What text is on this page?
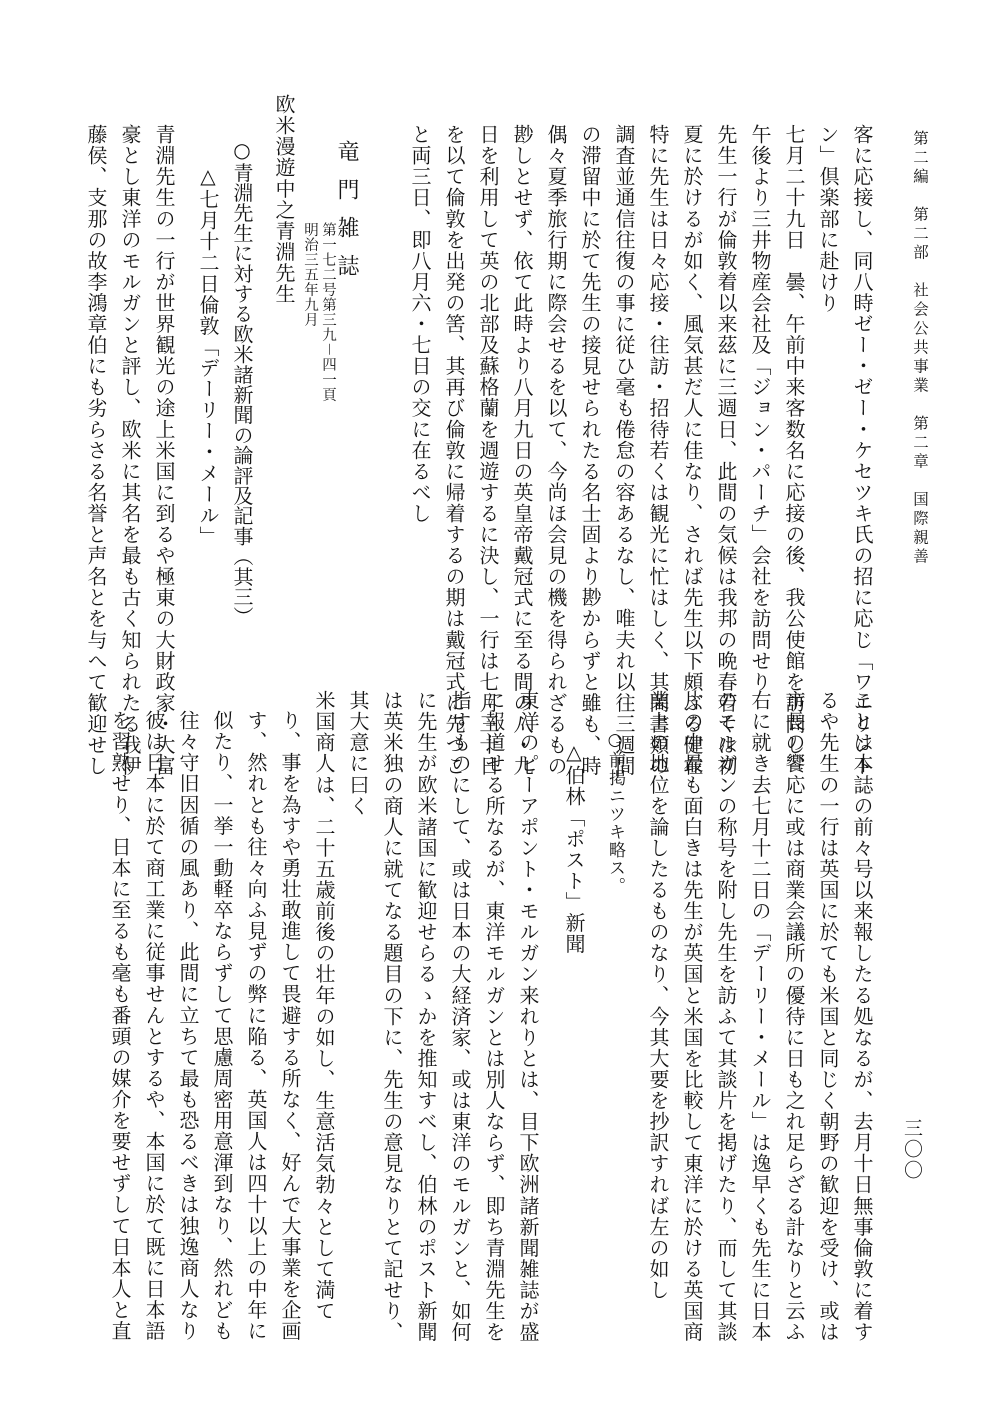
第二編　第二部　社会公共事業　第二章　国際親善
三〇〇
客に応接し、同八時ゼー・ゼー・ケセツキ氏の招に応じ「ワエリント
ン」倶楽部に赴けり
七月二十九日　曇、午前中来客数名に応接の後、我公使館を訪問し、
午後より三井物産会社及「ジョン・パーチ」会社を訪問せり
先生一行が倫敦着以来茲に三週日、此間の気候は我邦の晩春若くは初
夏に於けるが如く、風気甚だ人に佳なり、されば先生以下頗ぶる健在
特に先生は日々応接・往訪・招待若くは観光に忙はしく、其間書類の
調査並通信往復の事に従ひ毫も倦怠の容あるなし、唯夫れ以往三週間
の滞留中に於て先生の接見せられたる名士固より尠からずと雖も、時
偶々夏季旅行期に際会せるを以て、今尚ほ会見の機を得られざるもの
尠しとせず、依て此時より八月九日の英皇帝戴冠式に至る間の八・九
日を利用して英の北部及蘇格蘭を週遊するに決し、一行は七月三十日
を以て倫敦を出発の筈、其再び倫敦に帰着するの期は戴冠式に先つこ
と両三日、即八月六・七日の交に在るべし
竜門雑誌
第一七二号第三九－四一頁
明治三五年九月
欧米漫遊中之青淵先生
○青淵先生に対する欧米諸新聞の論評及記事（其三）
△七月十二日倫敦「デーリー・メール」
青淵先生の一行が世界観光の途上米国に到るや極東の大財政家・大富
豪とし東洋のモルガンと評し、欧米に其名を最も古く知られたる我伊
藤侯、支那の故李鴻章伯にも劣らさる名誉と声名とを与へて歓迎せし
ことは本誌の前々号以来報したる処なるが、去月十日無事倫敦に着す
るや先生の一行は英国に於ても米国と同じく朝野の歓迎を受け、或は
市長の饗応に或は商業会議所の優待に日も之れ足らざる計なりと云ふ
右に就き去七月十二日の「デーリー・メール」は逸早くも先生に日本
のモルガンの称号を附し先生を訪ふて其談片を掲げたり、而して其談
片の中最も面白きは先生が英国と米国を比較して東洋に於ける英国商
業上の地位を論したるものなり、今其大要を抄訳すれば左の如し
○前掲ニツキ略ス。
△伯林「ポスト」新聞
東洋のピーアポント・モルガン来れりとは、目下欧洲諸新聞雑誌が盛
に報道せる所なるが、東洋モルガンとは別人ならず、即ち青淵先生を
指すものにして、或は日本の大経済家、或は東洋のモルガンと、如何
に先生が欧米諸国に歓迎せらるゝかを推知すべし、伯林のポスト新聞
は英米独の商人に就てなる題目の下に、先生の意見なりとて記せり、
其大意に曰く
米国商人は、二十五歳前後の壮年の如し、生意活気勃々として満て
り、事を為すや勇壮敢進して畏避する所なく、好んで大事業を企画
す、然れとも往々向ふ見ずの弊に陥る、英国人は四十以上の中年に
似たり、一挙一動軽卒ならずして思慮周密用意渾到なり、然れども
往々守旧因循の風あり、此間に立ちて最も恐るべきは独逸商人なり
彼は日本に於て商工業に従事せんとするや、本国に於て既に日本語
を習熟せり、日本に至るも毫も番頭の媒介を要せずして日本人と直
